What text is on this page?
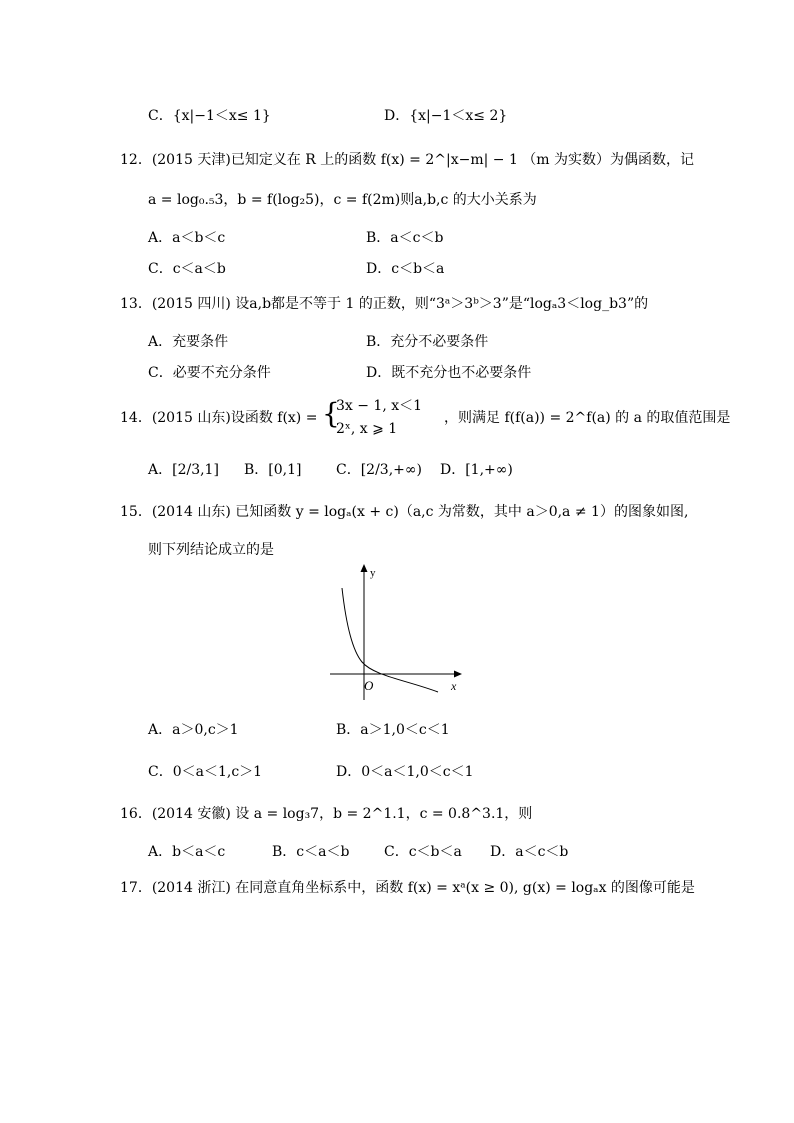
C．{x|−1＜x≤ 1}	D．{x|−1＜x≤ 2}
12．(2015 天津)已知定义在 R 上的函数 f(x) = 2^|x−m| − 1 （m 为实数）为偶函数，记
a = log₀.₅3，b = f(log₂5)，c = f(2m)则a,b,c 的大小关系为
A．a＜b＜c	B．a＜c＜b
C．c＜a＜b	D．c＜b＜a
13．(2015 四川) 设a,b都是不等于 1 的正数，则“3ᵃ＞3ᵇ＞3”是“logₐ3＜log_b3”的
A．充要条件	B．充分不必要条件
C．必要不充分条件	D．既不充分也不必要条件
14．(2015 山东)设函数 f(x) = {
3x − 1, x＜1
2ˣ, x ⩾ 1
，则满足 f(f(a)) = 2^f(a) 的 a 的取值范围是
A．[2/3,1] B．[0,1] C．[2/3,+∞) D．[1,+∞)
15．(2014 山东) 已知函数 y = logₐ(x + c)（a,c 为常数，其中 a＞0,a ≠ 1）的图象如图,
则下列结论成立的是
y
x
O
A．a＞0,c＞1	B．a＞1,0＜c＜1
C．0＜a＜1,c＞1	D．0＜a＜1,0＜c＜1
16．(2014 安徽) 设 a = log₃7，b = 2^1.1，c = 0.8^3.1，则
A．b＜a＜c	B．c＜a＜b C．c＜b＜a D．a＜c＜b
17．(2014 浙江) 在同意直角坐标系中，函数 f(x) = xᵃ(x ≥ 0), g(x) = logₐx 的图像可能是
